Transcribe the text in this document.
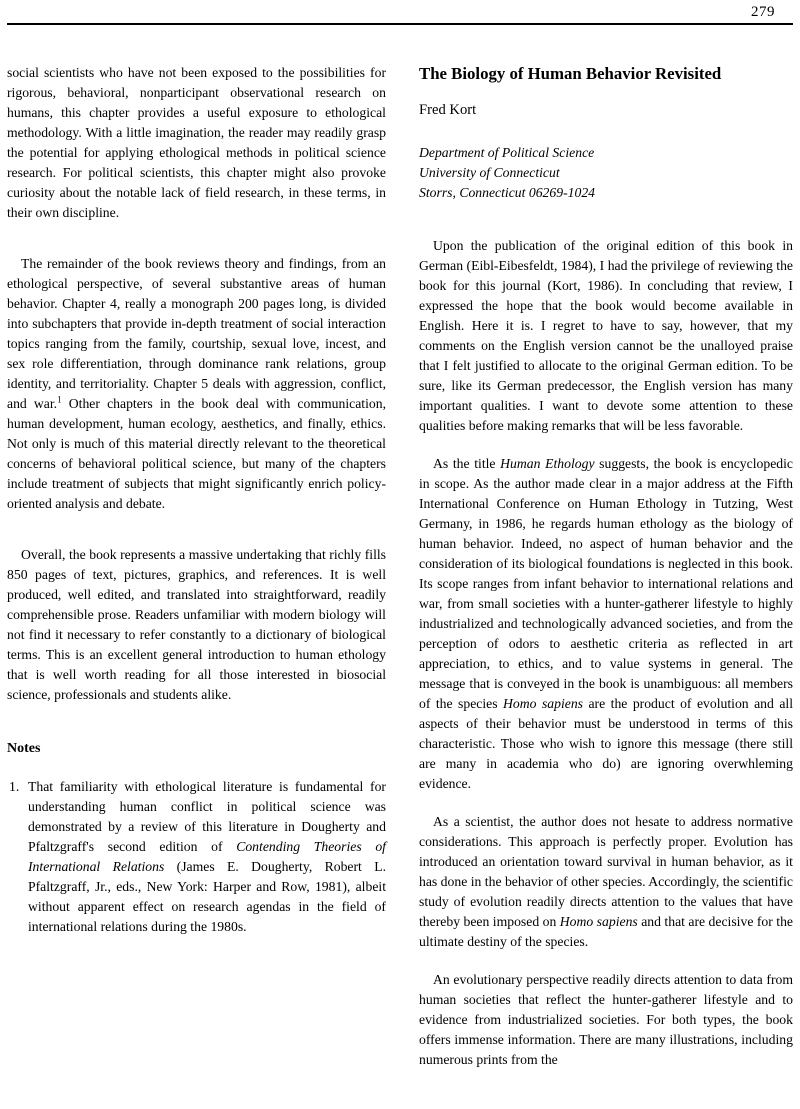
279

social scientists who have not been exposed to the possibilities for rigorous, behavioral, nonparticipant observational research on humans, this chapter provides a useful exposure to ethological methodology. With a little imagination, the reader may readily grasp the potential for applying ethological methods in political science research. For political scientists, this chapter might also provoke curiosity about the notable lack of field research, in these terms, in their own discipline.

The remainder of the book reviews theory and findings, from an ethological perspective, of several substantive areas of human behavior. Chapter 4, really a monograph 200 pages long, is divided into subchapters that provide in-depth treatment of social interaction topics ranging from the family, courtship, sexual love, incest, and sex role differentiation, through dominance rank relations, group identity, and territoriality. Chapter 5 deals with aggression, conflict, and war.$^1$ Other chapters in the book deal with communication, human development, human ecology, aesthetics, and finally, ethics. Not only is much of this material directly relevant to the theoretical concerns of behavioral political science, but many of the chapters include treatment of subjects that might significantly enrich policy-oriented analysis and debate.

Overall, the book represents a massive undertaking that richly fills 850 pages of text, pictures, graphics, and references. It is well produced, well edited, and translated into straightforward, readily comprehensible prose. Readers unfamiliar with modern biology will not find it necessary to refer constantly to a dictionary of biological terms. This is an excellent general introduction to human ethology that is well worth reading for all those interested in biosocial science, professionals and students alike.

Notes
1. That familiarity with ethological literature is fundamental for understanding human conflict in political science was demonstrated by a review of this literature in Dougherty and Pfaltzgraff's second edition of Contending Theories of International Relations (James E. Dougherty, Robert L. Pfaltzgraff, Jr., eds., New York: Harper and Row, 1981), albeit without apparent effect on research agendas in the field of international relations during the 1980s.
The Biology of Human Behavior Revisited
Fred Kort
Department of Political Science
University of Connecticut
Storrs, Connecticut 06269-1024

Upon the publication of the original edition of this book in German (Eibl-Eibesfeldt, 1984), I had the privilege of reviewing the book for this journal (Kort, 1986). In concluding that review, I expressed the hope that the book would become available in English. Here it is. I regret to have to say, however, that my comments on the English version cannot be the unalloyed praise that I felt justified to allocate to the original German edition. To be sure, like its German predecessor, the English version has many important qualities. I want to devote some attention to these qualities before making remarks that will be less favorable.

As the title Human Ethology suggests, the book is encyclopedic in scope. As the author made clear in a major address at the Fifth International Conference on Human Ethology in Tutzing, West Germany, in 1986, he regards human ethology as the biology of human behavior. Indeed, no aspect of human behavior and the consideration of its biological foundations is neglected in this book. Its scope ranges from infant behavior to international relations and war, from small societies with a hunter-gatherer lifestyle to highly industrialized and technologically advanced societies, and from the perception of odors to aesthetic criteria as reflected in art appreciation, to ethics, and to value systems in general. The message that is conveyed in the book is unambiguous: all members of the species Homo sapiens are the product of evolution and all aspects of their behavior must be understood in terms of this characteristic. Those who wish to ignore this message (there still are many in academia who do) are ignoring overwhleming evidence.

As a scientist, the author does not hesate to address normative considerations. This approach is perfectly proper. Evolution has introduced an orientation toward survival in human behavior, as it has done in the behavior of other species. Accordingly, the scientific study of evolution readily directs attention to the values that have thereby been imposed on Homo sapiens and that are decisive for the ultimate destiny of the species.

An evolutionary perspective readily directs attention to data from human societies that reflect the hunter-gatherer lifestyle and to evidence from industrialized societies. For both types, the book offers immense information. There are many illustrations, including numerous prints from the
